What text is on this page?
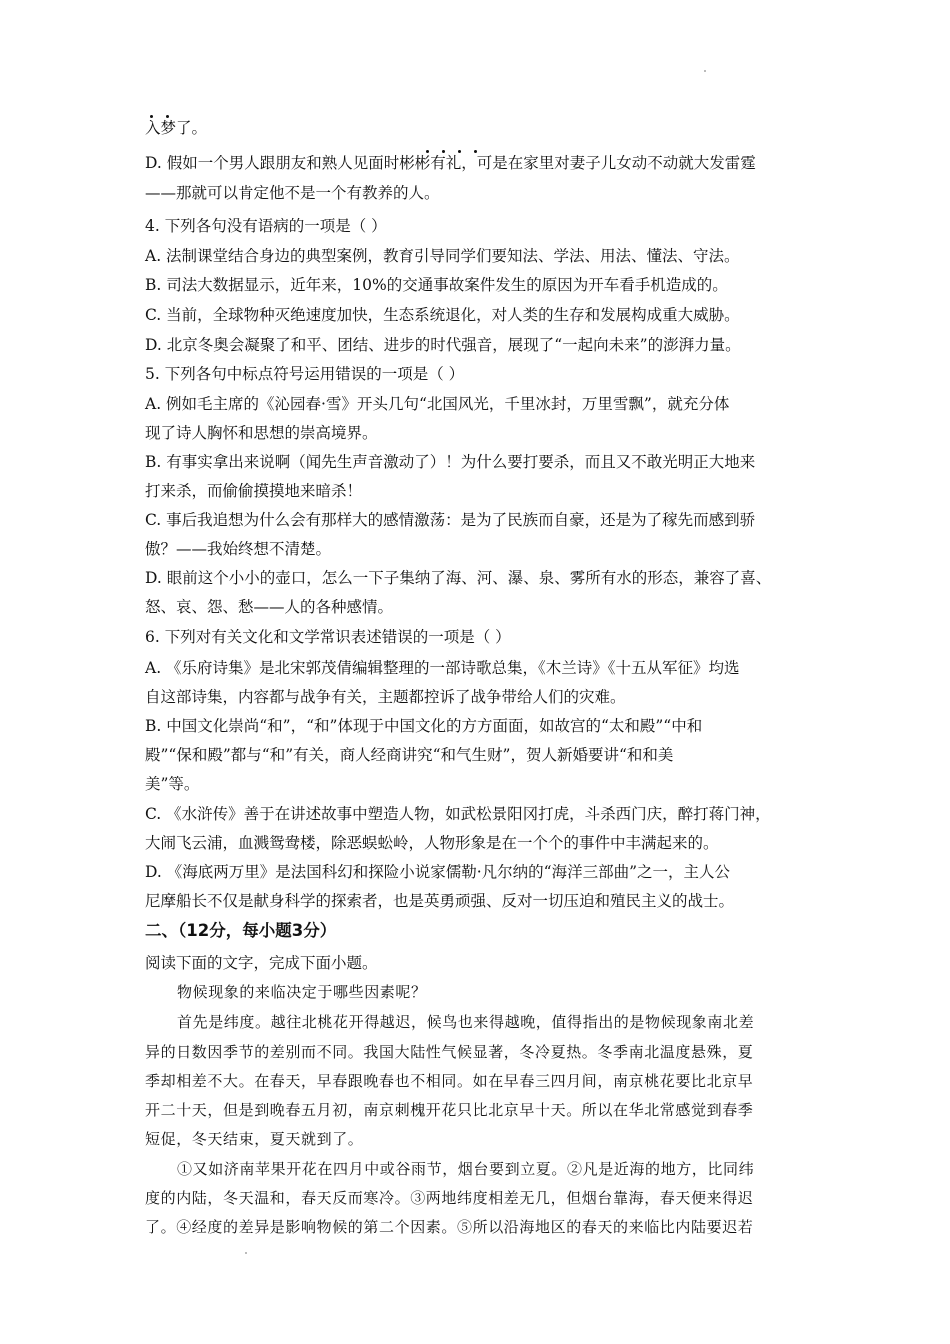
入梦了。
D. 假如一个男人跟朋友和熟人见面时彬彬有礼，可是在家里对妻子儿女动不动就大发雷霆
——那就可以肯定他不是一个有教养的人。
4. 下列各句没有语病的一项是（ ）
A. 法制课堂结合身边的典型案例，教育引导同学们要知法、学法、用法、懂法、守法。
B. 司法大数据显示，近年来，10%的交通事故案件发生的原因为开车看手机造成的。
C. 当前，全球物种灭绝速度加快，生态系统退化，对人类的生存和发展构成重大威胁。
D. 北京冬奥会凝聚了和平、团结、进步的时代强音，展现了“一起向未来”的澎湃力量。
5. 下列各句中标点符号运用错误的一项是（ ）
A. 例如毛主席的《沁园春·雪》开头几句“北国风光，千里冰封，万里雪飘”，就充分体
现了诗人胸怀和思想的崇高境界。
B. 有事实拿出来说啊（闻先生声音激动了）！为什么要打要杀，而且又不敢光明正大地来
打来杀，而偷偷摸摸地来暗杀！
C. 事后我追想为什么会有那样大的感情激荡：是为了民族而自豪，还是为了稼先而感到骄
傲？——我始终想不清楚。
D. 眼前这个小小的壶口，怎么一下子集纳了海、河、瀑、泉、雾所有水的形态，兼容了喜、
怒、哀、怨、愁——人的各种感情。
6. 下列对有关文化和文学常识表述错误的一项是（ ）
A. 《乐府诗集》是北宋郭茂倩编辑整理的一部诗歌总集，《木兰诗》《十五从军征》均选
自这部诗集，内容都与战争有关，主题都控诉了战争带给人们的灾难。
B. 中国文化崇尚“和”，“和”体现于中国文化的方方面面，如故宫的“太和殿”“中和
殿”“保和殿”都与“和”有关，商人经商讲究“和气生财”，贺人新婚要讲“和和美
美”等。
C. 《水浒传》善于在讲述故事中塑造人物，如武松景阳冈打虎，斗杀西门庆，醉打蒋门神，
大闹飞云浦，血溅鸳鸯楼，除恶蜈蚣岭，人物形象是在一个个的事件中丰满起来的。
D. 《海底两万里》是法国科幻和探险小说家儒勒·凡尔纳的“海洋三部曲”之一，主人公
尼摩船长不仅是献身科学的探索者，也是英勇顽强、反对一切压迫和殖民主义的战士。
二、（12分，每小题3分）
阅读下面的文字，完成下面小题。
物候现象的来临决定于哪些因素呢？
首先是纬度。越往北桃花开得越迟，候鸟也来得越晚，值得指出的是物候现象南北差
异的日数因季节的差别而不同。我国大陆性气候显著，冬冷夏热。冬季南北温度悬殊，夏
季却相差不大。在春天，早春跟晚春也不相同。如在早春三四月间，南京桃花要比北京早
开二十天，但是到晚春五月初，南京刺槐开花只比北京早十天。所以在华北常感觉到春季
短促，冬天结束，夏天就到了。
①又如济南苹果开花在四月中或谷雨节，烟台要到立夏。②凡是近海的地方，比同纬
度的内陆，冬天温和，春天反而寒冷。③两地纬度相差无几，但烟台靠海，春天便来得迟
了。④经度的差异是影响物候的第二个因素。⑤所以沿海地区的春天的来临比内陆要迟若
